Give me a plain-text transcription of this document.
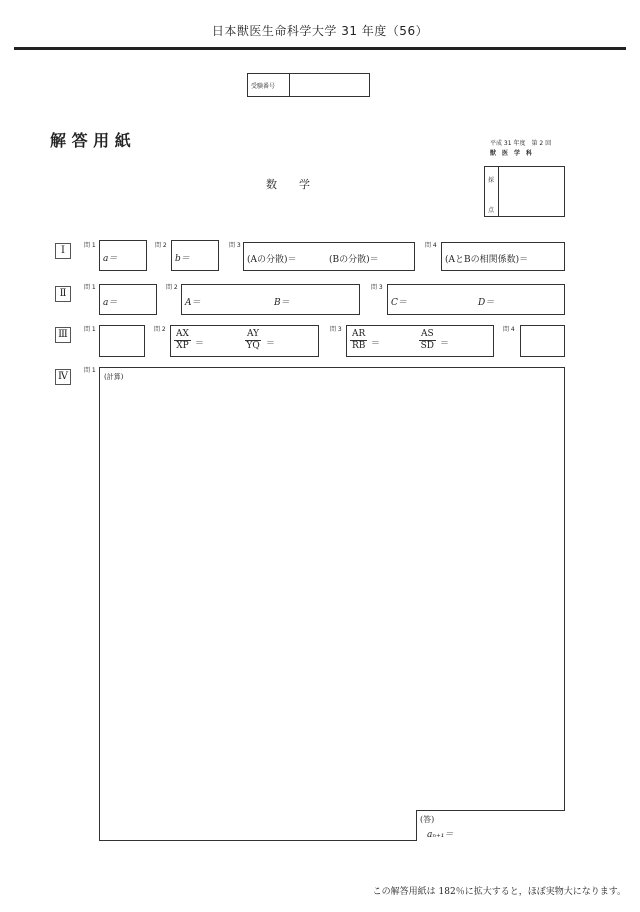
日本獣医生命科学大学 31 年度（56）
受験番号
解 答 用 紙	平成 31 年度　第 2 回
獣　医　学　科
数　　学	採
点
Ⅰ	問 1
a＝
問 2
b＝
問 3
(Aの分散)＝	(Bの分散)＝
問 4
(AとBの相関係数)＝
Ⅱ
問 1
a＝
問 2
A＝	B＝
問 3
C＝	D＝
Ⅲ	問 1	問 $2 \frac{AX}{XP}$ ＝	$\frac{AY}{YQ}$ ＝
問 $3 \frac{AR}{RB}$ ＝	$\frac{AS}{SD}$ ＝
問 4
Ⅳ
問 1
(計算)
(答)
aₙ₊₁＝
この解答用紙は 182％に拡大すると，ほぼ実物大になります。
